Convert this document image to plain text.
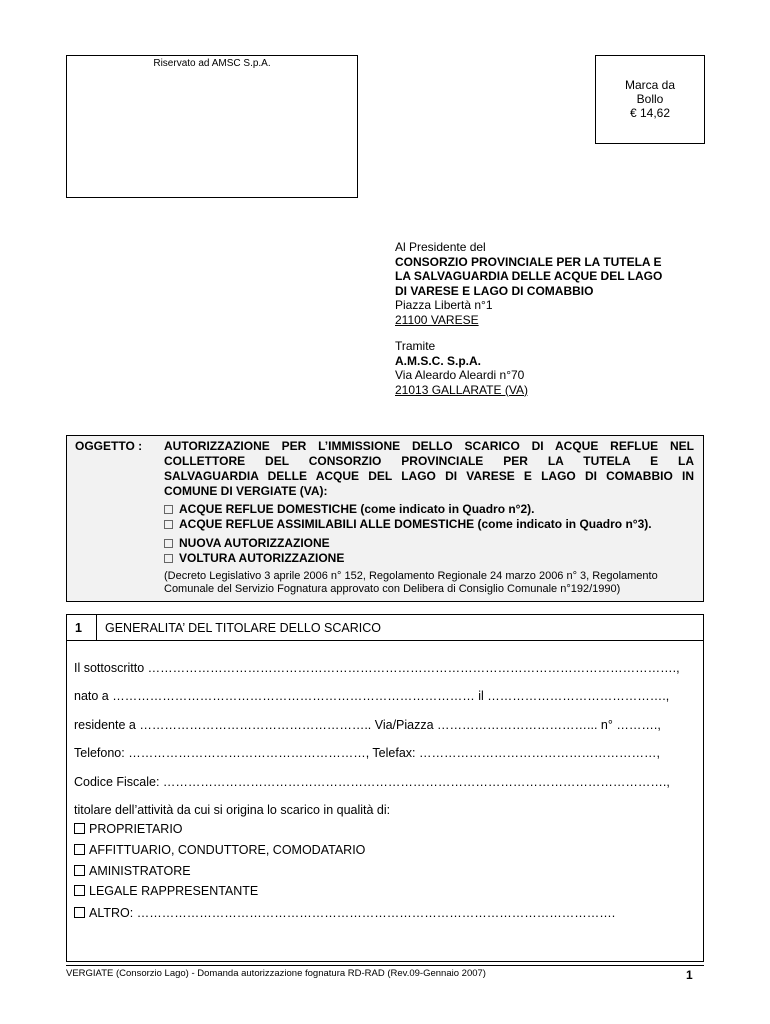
Riservato ad AMSC S.p.A.
Marca da
Bollo
€ 14,62
Al Presidente del
CONSORZIO PROVINCIALE PER LA TUTELA E
LA SALVAGUARDIA DELLE ACQUE DEL LAGO
DI VARESE E LAGO DI COMABBIO
Piazza Libertà n°1
21100 VARESE
Tramite
A.M.S.C. S.p.A.
Via Aleardo Aleardi n°70
21013 GALLARATE (VA)
OGGETTO : AUTORIZZAZIONE PER L’IMMISSIONE DELLO SCARICO DI ACQUE REFLUE NEL
COLLETTORE DEL CONSORZIO PROVINCIALE PER LA TUTELA E LA
SALVAGUARDIA DELLE ACQUE DEL LAGO DI VARESE E LAGO DI COMABBIO IN
COMUNE DI VERGIATE (VA):
ACQUE REFLUE DOMESTICHE (come indicato in Quadro n°2).
ACQUE REFLUE ASSIMILABILI ALLE DOMESTICHE (come indicato in Quadro n°3).
NUOVA AUTORIZZAZIONE
VOLTURA AUTORIZZAZIONE
(Decreto Legislativo 3 aprile 2006 n° 152, Regolamento Regionale 24 marzo 2006 n° 3, Regolamento
Comunale del Servizio Fognatura approvato con Delibera di Consiglio Comunale n°192/1990)
1 GENERALITA’ DEL TITOLARE DELLO SCARICO
Il sottoscritto ……………………………………………………………………………………………………………….,
nato a …………………………………………………………………………… il …………………………………….,
residente a ……………………………………………….. Via/Piazza ………………………………... n° ……….,
Telefono: …………………………………………………, Telefax: …………………………………………………,
Codice Fiscale: ………………………………………………………………………………………………………….,
titolare dell’attività da cui si origina lo scarico in qualità di:
PROPRIETARIO
AFFITTUARIO, CONDUTTORE, COMODATARIO
AMINISTRATORE
LEGALE RAPPRESENTANTE
ALTRO: …………………………………………………………………………………………………….
VERGIATE (Consorzio Lago) - Domanda autorizzazione fognatura RD-RAD (Rev.09-Gennaio 2007)	1
